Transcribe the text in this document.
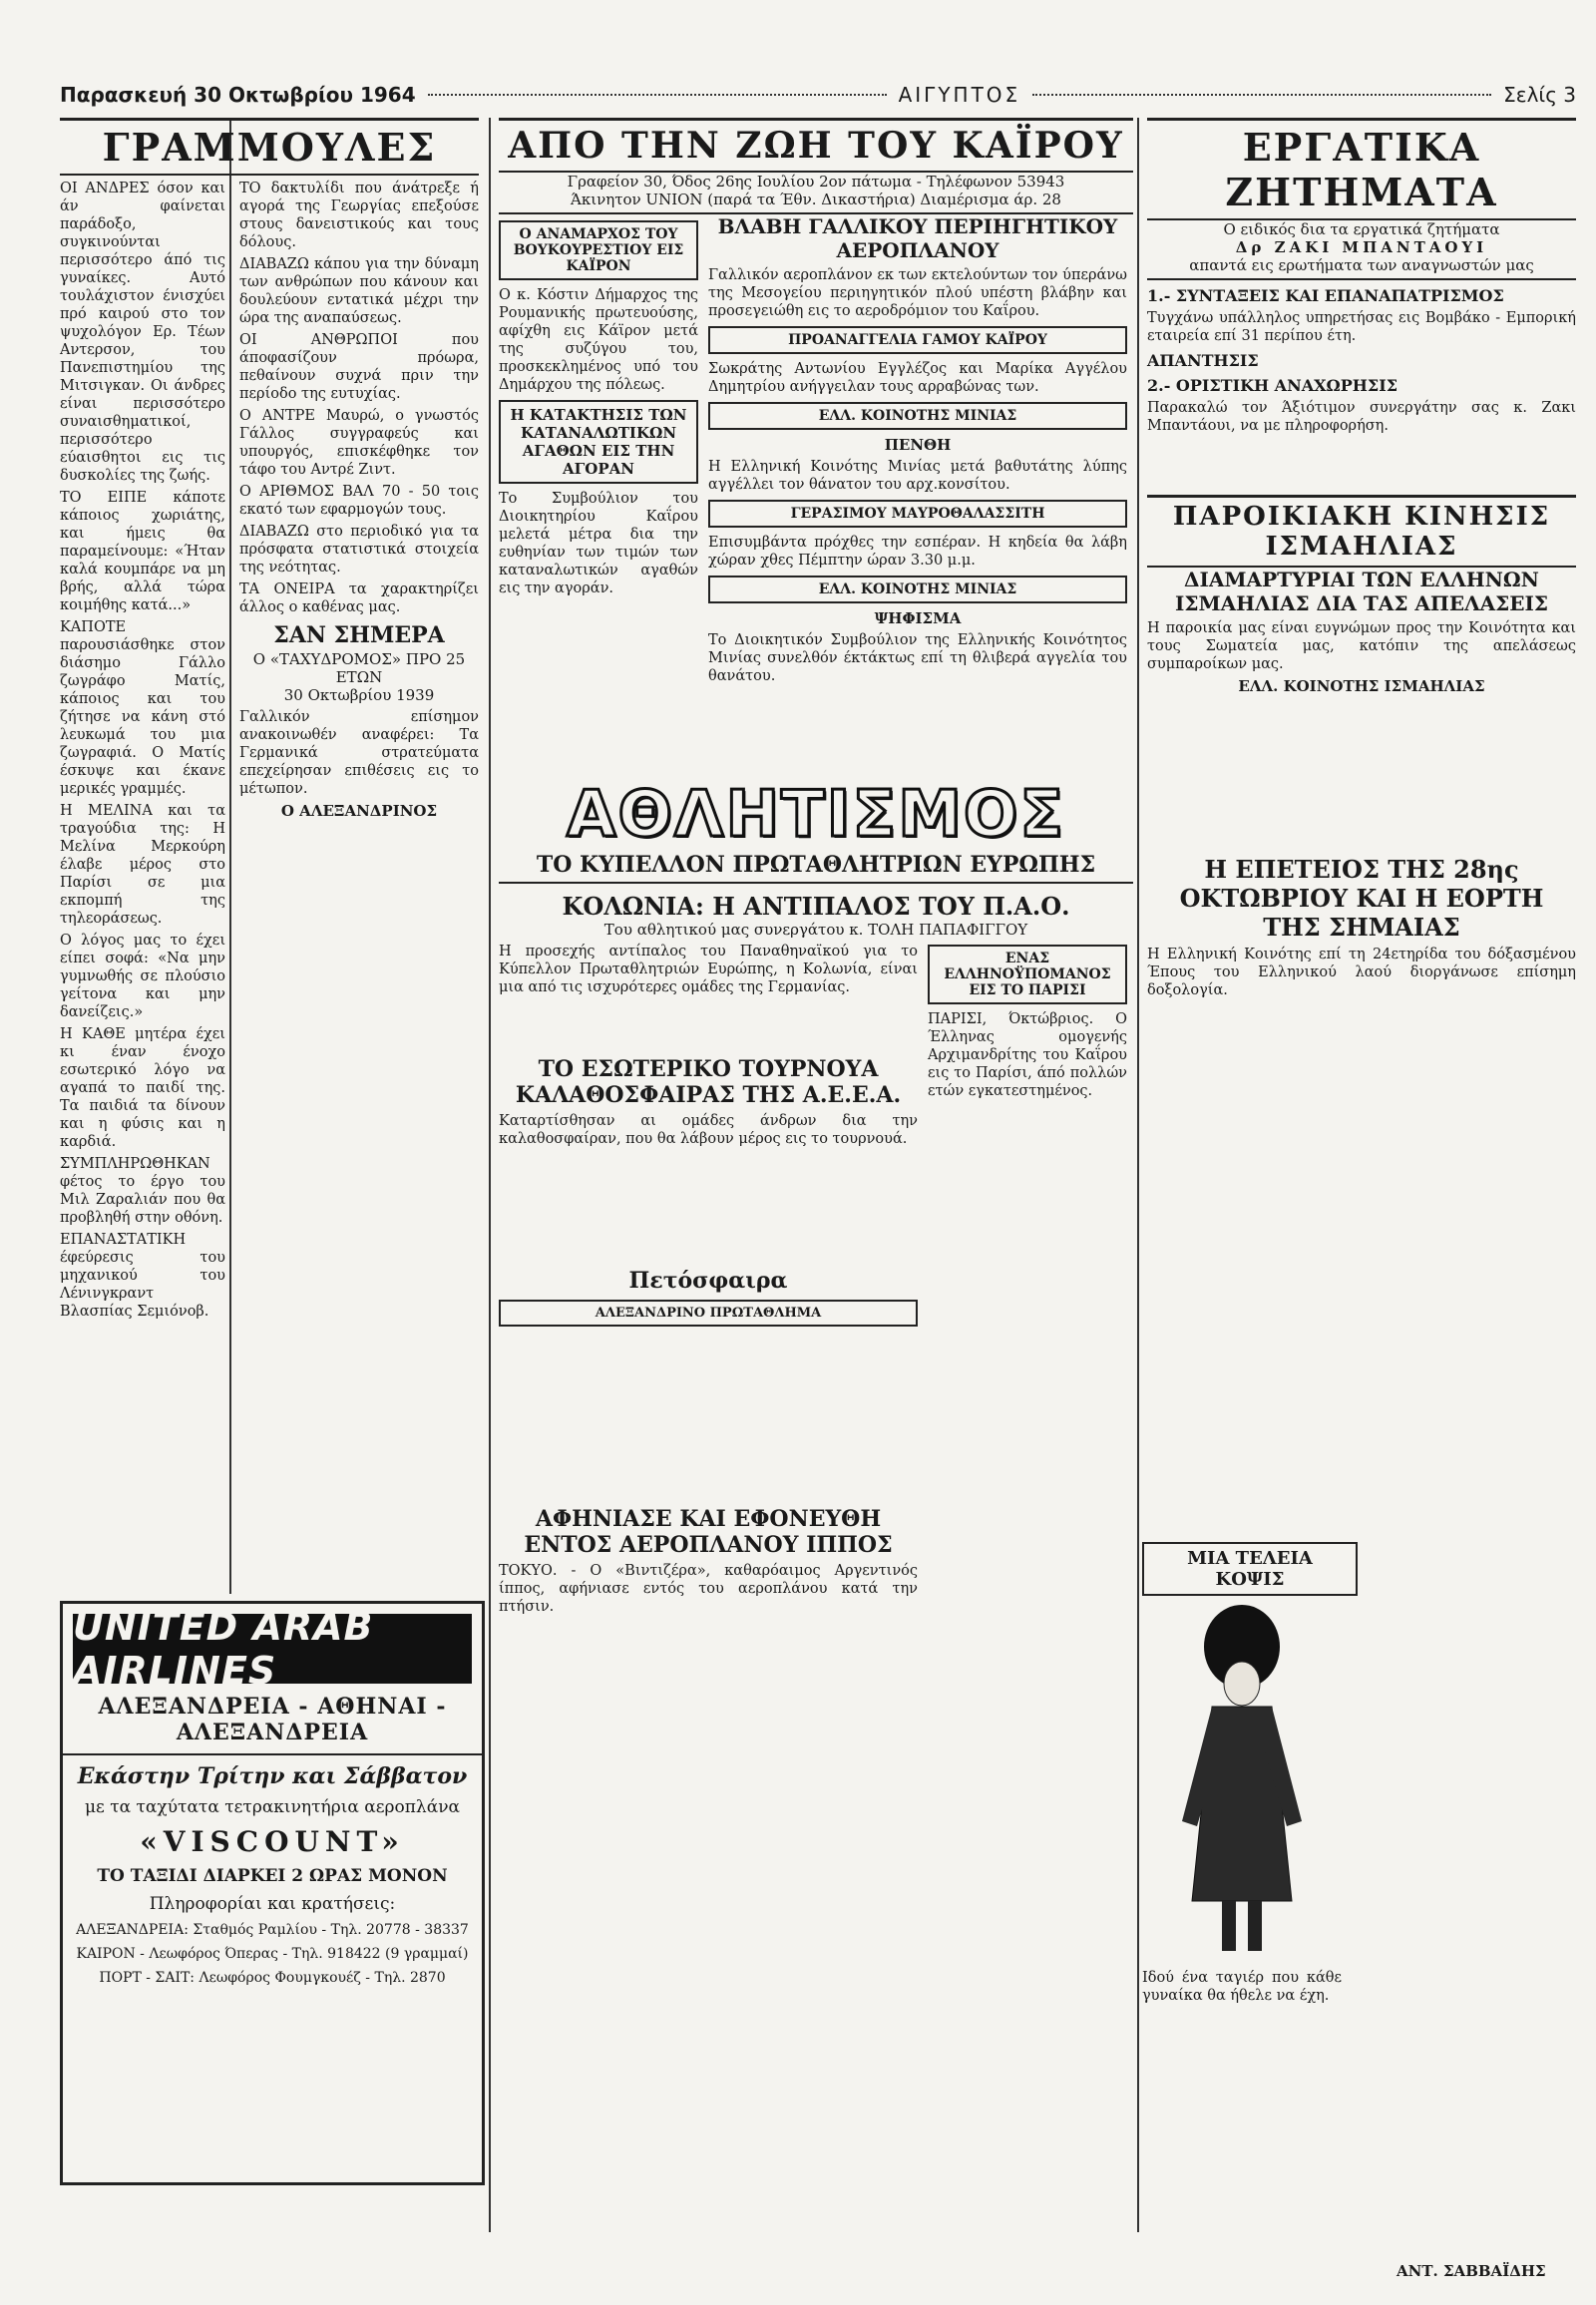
Παρασκευή 30 Οκτωβρίου 1964	ΑΙΓΥΠΤΟΣ	Σελίς 3
ΓΡΑΜΜΟΥΛΕΣ

ΟΙ ΑΝΔΡΕΣ όσον και άν φαίνεται παράδοξο, συγκινούνται περισσότερο άπό τις γυναίκες. Αυτό τουλάχιστον ένισχύει πρό καιρού στο τον ψυχολόγον Ερ. Τέων Αντερσον, του Πανεπιστημίου της Μιτσιγκαν. Οι άνδρες είναι περισσότερο συναισθηματικοί, περισσότερο εύαισθητοι εις τις δυσκολίες της ζωής.

ΤΟ ΕΙΠΕ κάποτε κάποιος χωριάτης, και ήμεις θα παραμείνουμε: «Ήταν καλά κουμπάρε να μη βρής, αλλά τώρα κοιμήθης κατά...»

ΚΑΠΟΤΕ παρουσιάσθηκε στον διάσημο Γάλλο ζωγράφο Ματίς, κάποιος και του ζήτησε να κάνη στό λευκωμά του μια ζωγραφιά. Ο Ματίς έσκυψε και έκανε μερικές γραμμές.

Η ΜΕΛΙΝΑ και τα τραγούδια της: Η Μελίνα Μερκούρη έλαβε μέρος στο Παρίσι σε μια εκπομπή της τηλεοράσεως.

Ο λόγος μας το έχει είπει σοφά: «Να μην γυμνωθής σε πλούσιο γείτονα και μην δανείζεις.»

Η ΚΑΘΕ μητέρα έχει κι έναν ένοχο εσωτερικό λόγο να αγαπά το παιδί της. Τα παιδιά τα δίνουν και η φύσις και η καρδιά.

ΣΥΜΠΛΗΡΩΘΗΚΑΝ φέτος το έργο του Μιλ Ζαραλιάν που θα προβληθή στην οθόνη.

ΕΠΑΝΑΣΤΑΤΙΚΗ έφεύρεσις του μηχανικού του Λένινγκραντ Βλασπίας Σεμιόνοβ.

ΤΟ δακτυλίδι που άνάτρεξε ή αγορά της Γεωργίας επεξούσε στους δανειστικούς και τους δόλους.

ΔΙΑΒΑΖΩ κάπου για την δύναμη των ανθρώπων που κάνουν και δουλεύουν εντατικά μέχρι την ώρα της αναπαύσεως.

ΟΙ ΑΝΘΡΩΠΟΙ που άποφασίζουν πρόωρα, πεθαίνουν συχνά πριν την περίοδο της ευτυχίας.

Ο ΑΝΤΡΕ Μαυρώ, ο γνωστός Γάλλος συγγραφεύς και υπουργός, επισκέφθηκε τον τάφο του Αντρέ Ζιντ.

Ο ΑΡΙΘΜΟΣ ΒΑΛ 70 - 50 τοις εκατό των εφαρμογών τους.

ΔΙΑΒΑΖΩ στο περιοδικό για τα πρόσφατα στατιστικά στοιχεία της νεότητας.

ΤΑ ΟΝΕΙΡΑ τα χαρακτηρίζει άλλος ο καθένας μας.

ΣΑΝ ΣΗΜΕΡΑ
Ο «ΤΑΧΥΔΡΟΜΟΣ» ΠΡΟ 25 ΕΤΩΝ
30 Οκτωβρίου 1939

Γαλλικόν επίσημον ανακοινωθέν αναφέρει: Τα Γερμανικά στρατεύματα επεχείρησαν επιθέσεις εις το μέτωπον.

Ο ΑΛΕΞΑΝΔΡΙΝΟΣ
UNITED ARAB AIRLINES
ΑΛΕΞΑΝΔΡΕΙΑ - ΑΘΗΝΑΙ - ΑΛΕΞΑΝΔΡΕΙΑ
Εκάστην Τρίτην και Σάββατον
με τα ταχύτατα τετρακινητήρια αεροπλάνα
«VISCOUNT»
ΤΟ ΤΑΞΙΔΙ ΔΙΑΡΚΕΙ 2 ΩΡΑΣ ΜΟΝΟΝ
Πληροφορίαι και κρατήσεις:
ΑΛΕΞΑΝΔΡΕΙΑ: Σταθμός Ραμλίου - Τηλ. 20778 - 38337
ΚΑΙΡΟΝ - Λεωφόρος Όπερας - Τηλ. 918422 (9 γραμμαί)
ΠΟΡΤ - ΣΑΙΤ: Λεωφόρος Φουμγκουέζ - Τηλ. 2870
ΑΠΟ ΤΗΝ ΖΩΗ ΤΟΥ ΚΑΪΡΟΥ
Γραφείον 30, Όδος 26ης Ιουλίου 2ον πάτωμα - Τηλέφωνον 53943
Άκινητον UNION (παρά τα Έθν. Δικαστήρια) Διαμέρισμα άρ. 28
Ο ΑΝΑΜΑΡΧΟΣ ΤΟΥ ΒΟΥΚΟΥΡΕΣΤΙΟΥ ΕΙΣ ΚΑΪΡΟΝ

Ο κ. Κόστιν Δήμαρχος της Ρουμανικής πρωτευούσης, αφίχθη εις Κάϊρον μετά της συζύγου του, προσκεκλημένος υπό του Δημάρχου της πόλεως.

Η ΚΑΤΑΚΤΗΣΙΣ ΤΩΝ ΚΑΤΑΝΑΛΩΤΙΚΩΝ ΑΓΑΘΩΝ ΕΙΣ ΤΗΝ ΑΓΟΡΑΝ

Το Συμβούλιον του Διοικητηρίου Καΐρου μελετά μέτρα δια την ευθηνίαν των τιμών των καταναλωτικών αγαθών εις την αγοράν.

ΒΛΑΒΗ ΓΑΛΛΙΚΟΥ ΠΕΡΙΗΓΗΤΙΚΟΥ ΑΕΡΟΠΛΑΝΟΥ

Γαλλικόν αεροπλάνον εκ των εκτελούντων τον ύπεράνω της Μεσογείου περιηγητικόν πλού υπέστη βλάβην και προσεγειώθη εις το αεροδρόμιον του Καΐρου.

ΠΡΟΑΝΑΓΓΕΛΙΑ ΓΑΜΟΥ ΚΑΪΡΟΥ

Σωκράτης Αντωνίου Εγγλέζος και Μαρίκα Αγγέλου Δημητρίου ανήγγειλαν τους αρραβώνας των.

ΕΛΛ. ΚΟΙΝΟΤΗΣ ΜΙΝΙΑΣ
ΠΕΝΘΗ

Η Ελληνική Κοινότης Μινίας μετά βαθυτάτης λύπης αγγέλλει τον θάνατον του αρχ.κονσίτου.

ΓΕΡΑΣΙΜΟΥ ΜΑΥΡΟΘΑΛΑΣΣΙΤΗ

Επισυμβάντα πρόχθες την εσπέραν. Η κηδεία θα λάβη χώραν χθες Πέμπτην ώραν 3.30 μ.μ.

ΕΛΛ. ΚΟΙΝΟΤΗΣ ΜΙΝΙΑΣ
ΨΗΦΙΣΜΑ

Το Διοικητικόν Συμβούλιον της Ελληνικής Κοινότητος Μινίας συνελθόν έκτάκτως επί τη θλιβερά αγγελία του θανάτου.

ΑΘΛΗΤΙΣΜΟΣ
ΤΟ ΚΥΠΕΛΛΟΝ ΠΡΩΤΑΘΛΗΤΡΙΩΝ ΕΥΡΩΠΗΣ
ΚΟΛΩΝΙΑ: Η ΑΝΤΙΠΑΛΟΣ ΤΟΥ Π.Α.Ο.
Του αθλητικού μας συνεργάτου κ. ΤΟΛΗ ΠΑΠΑΦΙΓΓΟΥ

Η προσεχής αντίπαλος του Παναθηναϊκού για το Κύπελλον Πρωταθλητριών Ευρώπης, η Κολωνία, είναι μια από τις ισχυρότερες ομάδες της Γερμανίας.

ΤΟ ΕΣΩΤΕΡΙΚΟ ΤΟΥΡΝΟΥΑ ΚΑΛΑΘΟΣΦΑΙΡΑΣ ΤΗΣ Α.Ε.Ε.Α.

Καταρτίσθησαν αι ομάδες άνδρων δια την καλαθοσφαίραν, που θα λάβουν μέρος εις το τουρνουά.

Πετόσφαιρα
ΑΛΕΞΑΝΔΡΙΝΟ ΠΡΩΤΑΘΛΗΜΑ
ΑΦΗΝΙΑΣΕ ΚΑΙ ΕΦΟΝΕΥΘΗ ΕΝΤΟΣ ΑΕΡΟΠΛΑΝΟΥ ΙΠΠΟΣ

ΤΟΚΥΟ. - Ο «Βιντιζέρα», καθαρόαιμος Αργεντινός ίππος, αφήνιασε εντός του αεροπλάνου κατά την πτήσιν.

ΕΝΑΣ ΕΛΛΗΝΟΫΠΟΜΑΝΟΣ ΕΙΣ ΤΟ ΠΑΡΙΣΙ

ΠΑΡΙΣΙ, Όκτώβριος. Ο Έλληνας ομογενής Αρχιμανδρίτης του Καΐρου εις το Παρίσι, άπό πολλών ετών εγκατεστημένος.

ΕΡΓΑΤΙΚΑ ΖΗΤΗΜΑΤΑ
Ο ειδικός δια τα εργατικά ζητήματα
Δρ ΖΑΚΙ ΜΠΑΝΤΑΟΥΙ
απαντά εις ερωτήματα των αναγνωστών μας
1.- ΣΥΝΤΑΞΕΙΣ ΚΑΙ ΕΠΑΝΑΠΑΤΡΙΣΜΟΣ

Τυγχάνω υπάλληλος υπηρετήσας εις Βομβάκο - Εμπορική εταιρεία επί 31 περίπου έτη.

ΑΠΑΝΤΗΣΙΣ
2.- ΟΡΙΣΤΙΚΗ ΑΝΑΧΩΡΗΣΙΣ

Παρακαλώ τον Άξιότιμον συνεργάτην σας κ. Ζακι Μπαντάουι, να με πληροφορήση.

ΠΑΡΟΙΚΙΑΚΗ ΚΙΝΗΣΙΣ ΙΣΜΑΗΛΙΑΣ
ΔΙΑΜΑΡΤΥΡΙΑΙ ΤΩΝ ΕΛΛΗΝΩΝ ΙΣΜΑΗΛΙΑΣ ΔΙΑ ΤΑΣ ΑΠΕΛΑΣΕΙΣ

Η παροικία μας είναι ευγνώμων προς την Κοινότητα και τους Σωματεία μας, κατόπιν της απελάσεως συμπαροίκων μας.

ΕΛΛ. ΚΟΙΝΟΤΗΣ ΙΣΜΑΗΛΙΑΣ
Η ΕΠΕΤΕΙΟΣ ΤΗΣ 28ης ΟΚΤΩΒΡΙΟΥ ΚΑΙ Η ΕΟΡΤΗ ΤΗΣ ΣΗΜΑΙΑΣ

Η Ελληνική Κοινότης επί τη 24ετηρίδα του δόξασμένου Έπους του Ελληνικού λαού διοργάνωσε επίσημη δοξολογία.

ΜΙΑ ΤΕΛΕΙΑ ΚΟΨΙΣ

Ιδού ένα ταγιέρ που κάθε γυναίκα θα ήθελε να έχη.

ΑΝΤ. ΣΑΒΒΑΪΔΗΣ
